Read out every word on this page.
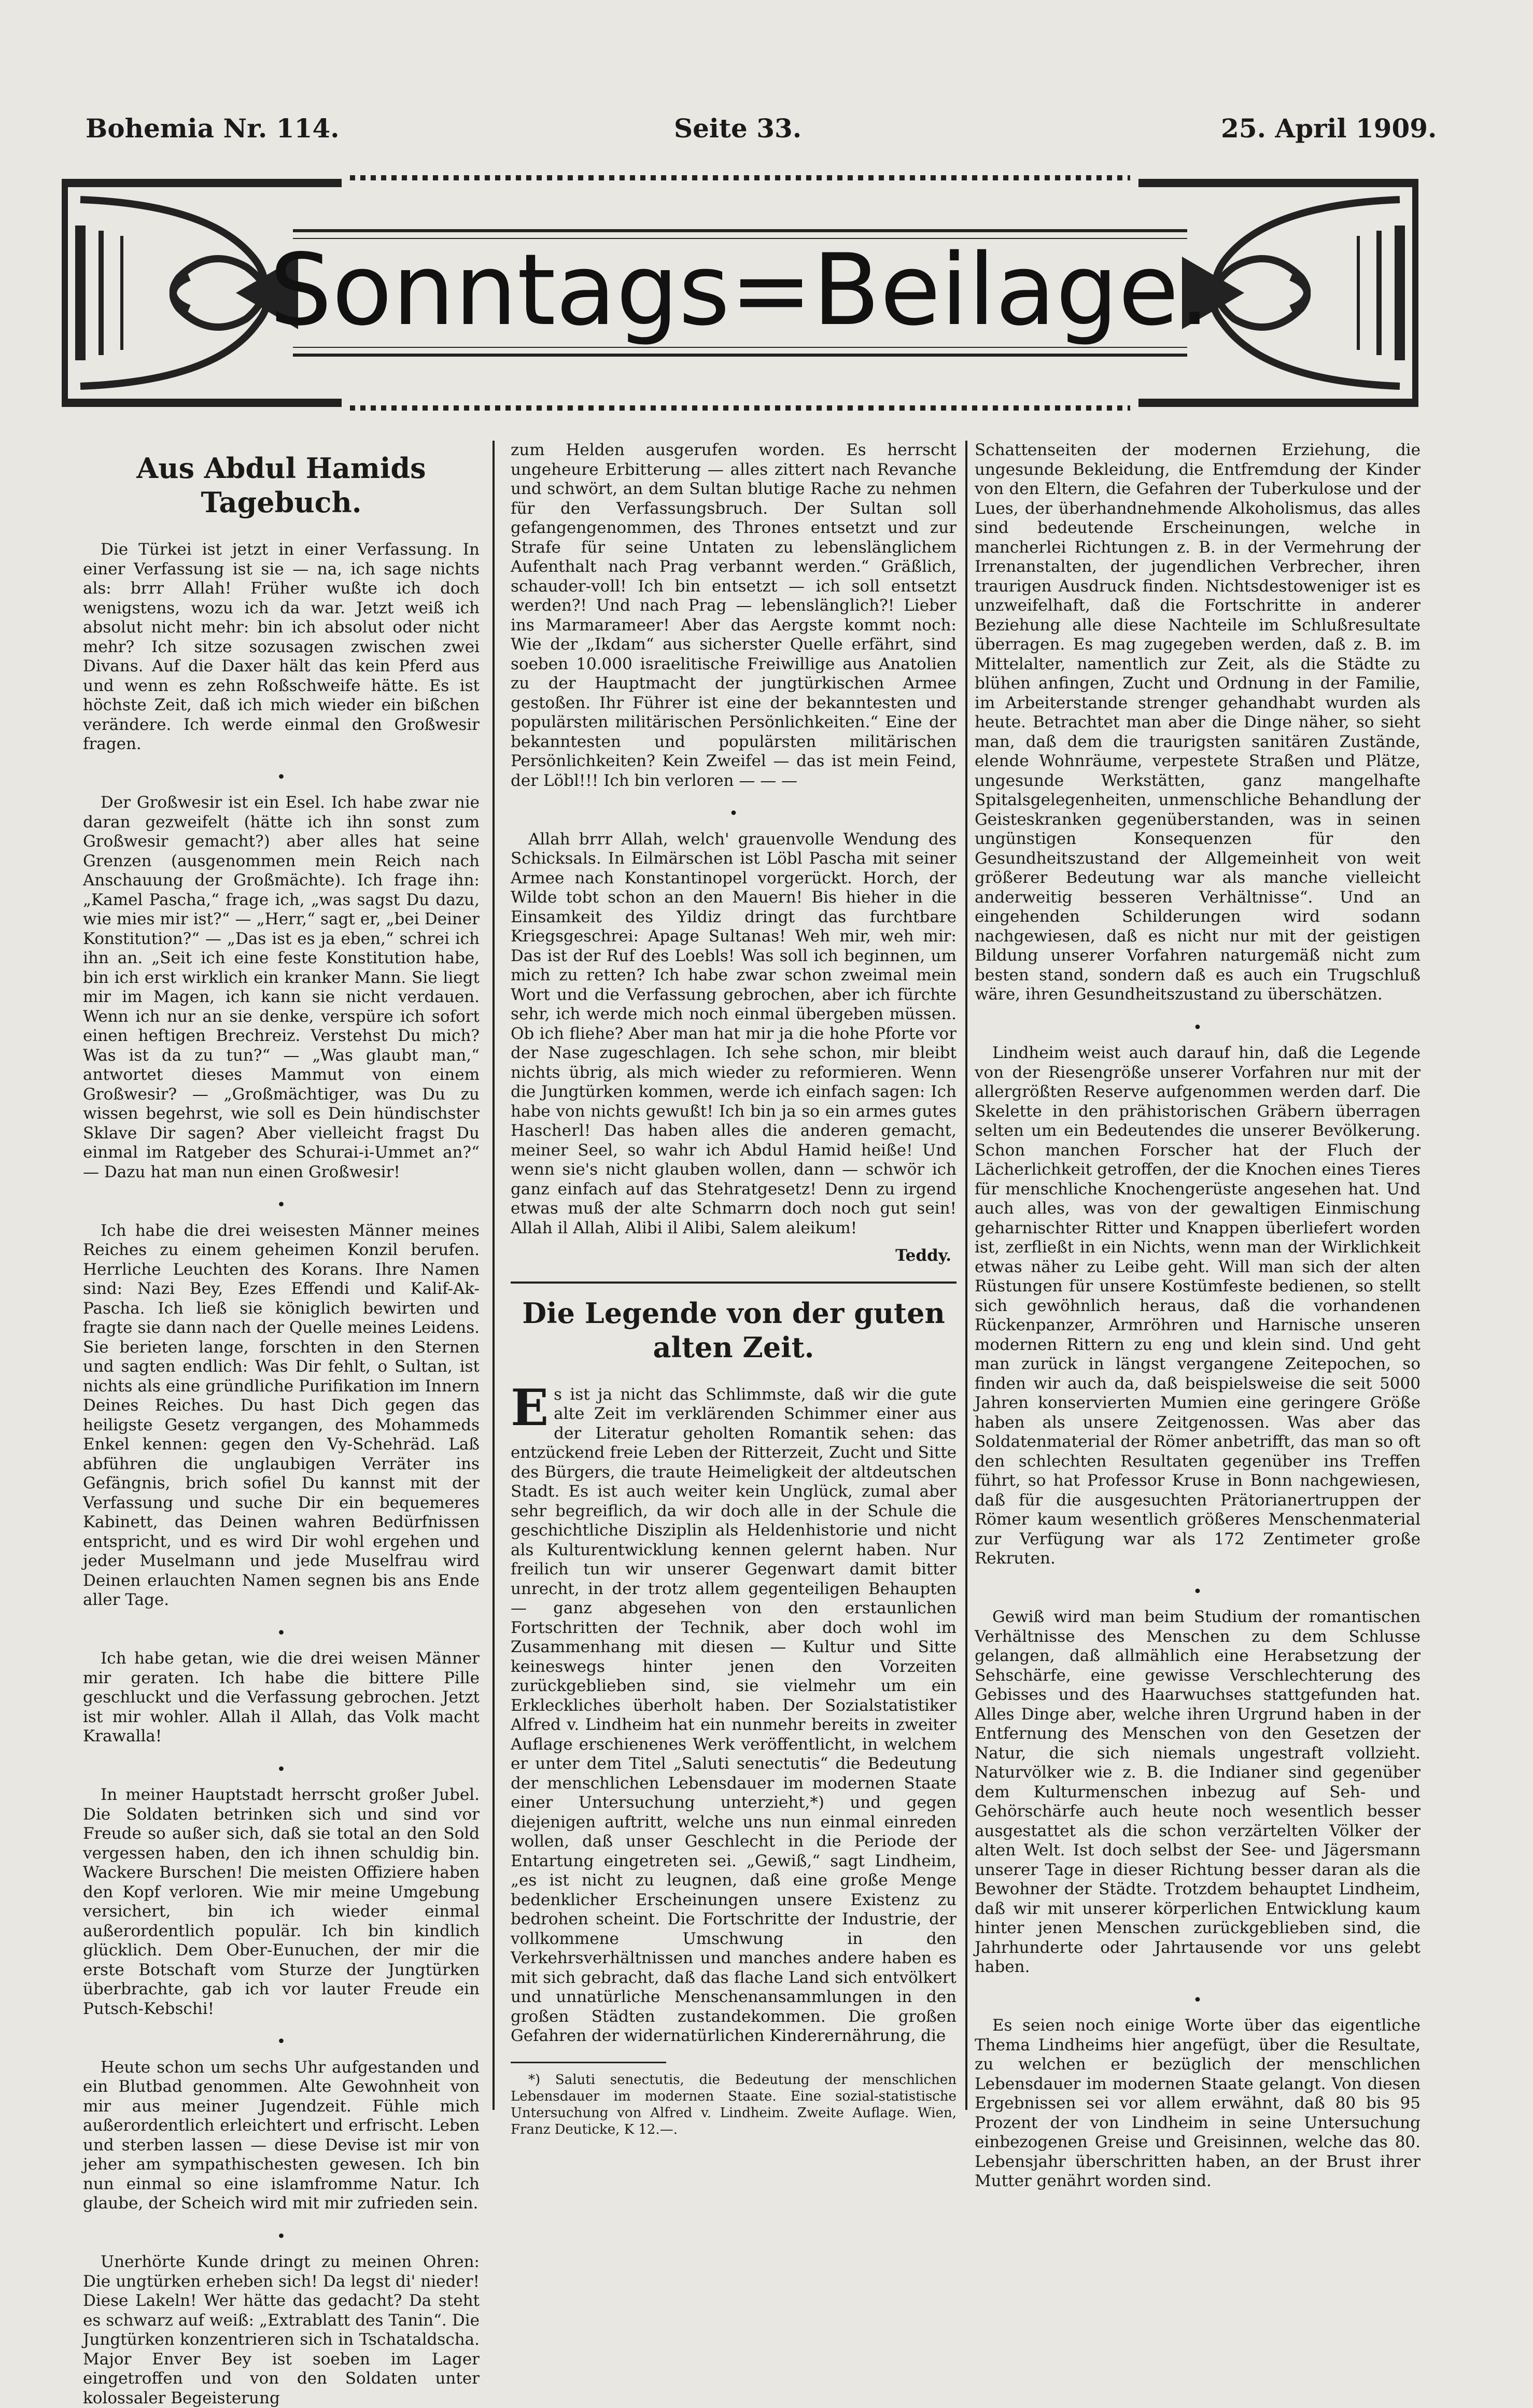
Bohemia Nr. 114.	Seite 33.	25. April 1909.
Sonntags=Beilage.
Aus Abdul Hamids Tagebuch.

Die Türkei ist jetzt in einer Verfassung. In einer Verfassung ist sie — na, ich sage nichts als: brrr Allah! Früher wußte ich doch wenigstens, wozu ich da war. Jetzt weiß ich absolut nicht mehr: bin ich absolut oder nicht mehr? Ich sitze sozusagen zwischen zwei Divans. Auf die Daxer hält das kein Pferd aus und wenn es zehn Roßschweife hätte. Es ist höchste Zeit, daß ich mich wieder ein bißchen verändere. Ich werde einmal den Großwesir fragen.

•

Der Großwesir ist ein Esel. Ich habe zwar nie daran gezweifelt (hätte ich ihn sonst zum Großwesir gemacht?) aber alles hat seine Grenzen (ausgenommen mein Reich nach Anschauung der Großmächte). Ich frage ihn: „Kamel Pascha,“ frage ich, „was sagst Du dazu, wie mies mir ist?“ — „Herr,“ sagt er, „bei Deiner Konstitution?“ — „Das ist es ja eben,“ schrei ich ihn an. „Seit ich eine feste Konstitution habe, bin ich erst wirklich ein kranker Mann. Sie liegt mir im Magen, ich kann sie nicht verdauen. Wenn ich nur an sie denke, verspüre ich sofort einen heftigen Brechreiz. Verstehst Du mich? Was ist da zu tun?“ — „Was glaubt man,“ antwortet dieses Mammut von einem Großwesir? — „Großmächtiger, was Du zu wissen begehrst, wie soll es Dein hündischster Sklave Dir sagen? Aber vielleicht fragst Du einmal im Ratgeber des Schurai-i-Ummet an?“ — Dazu hat man nun einen Großwesir!

•

Ich habe die drei weisesten Männer meines Reiches zu einem geheimen Konzil berufen. Herrliche Leuchten des Korans. Ihre Namen sind: Nazi Bey, Ezes Effendi und Kalif-Ak-Pascha. Ich ließ sie königlich bewirten und fragte sie dann nach der Quelle meines Leidens. Sie berieten lange, forschten in den Sternen und sagten endlich: Was Dir fehlt, o Sultan, ist nichts als eine gründliche Purifikation im Innern Deines Reiches. Du hast Dich gegen das heiligste Gesetz vergangen, des Mohammeds Enkel kennen: gegen den Vy-Schehräd. Laß abführen die unglaubigen Verräter ins Gefängnis, brich sofiel Du kannst mit der Verfassung und suche Dir ein bequemeres Kabinett, das Deinen wahren Bedürfnissen entspricht, und es wird Dir wohl ergehen und jeder Muselmann und jede Muselfrau wird Deinen erlauchten Namen segnen bis ans Ende aller Tage.

•

Ich habe getan, wie die drei weisen Männer mir geraten. Ich habe die bittere Pille geschluckt und die Verfassung gebrochen. Jetzt ist mir wohler. Allah il Allah, das Volk macht Krawalla!

•

In meiner Hauptstadt herrscht großer Jubel. Die Soldaten betrinken sich und sind vor Freude so außer sich, daß sie total an den Sold vergessen haben, den ich ihnen schuldig bin. Wackere Burschen! Die meisten Offiziere haben den Kopf verloren. Wie mir meine Umgebung versichert, bin ich wieder einmal außerordentlich populär. Ich bin kindlich glücklich. Dem Ober-Eunuchen, der mir die erste Botschaft vom Sturze der Jungtürken überbrachte, gab ich vor lauter Freude ein Putsch-Kebschi!

•

Heute schon um sechs Uhr aufgestanden und ein Blutbad genommen. Alte Gewohnheit von mir aus meiner Jugendzeit. Fühle mich außerordentlich erleichtert und erfrischt. Leben und sterben lassen — diese Devise ist mir von jeher am sympathischesten gewesen. Ich bin nun einmal so eine islamfromme Natur. Ich glaube, der Scheich wird mit mir zufrieden sein.

•

Unerhörte Kunde dringt zu meinen Ohren: Die ungtürken erheben sich! Da legst di' nieder! Diese Lakeln! Wer hätte das gedacht? Da steht es schwarz auf weiß: „Extrablatt des Tanin“. Die Jungtürken konzentrieren sich in Tschataldscha. Major Enver Bey ist soeben im Lager eingetroffen und von den Soldaten unter kolossaler Begeisterung

zum Helden ausgerufen worden. Es herrscht ungeheure Erbitterung — alles zittert nach Revanche und schwört, an dem Sultan blutige Rache zu nehmen für den Verfassungsbruch. Der Sultan soll gefangengenommen, des Thrones entsetzt und zur Strafe für seine Untaten zu lebenslänglichem Aufenthalt nach Prag verbannt werden.“ Gräßlich, schauder-voll! Ich bin entsetzt — ich soll entsetzt werden?! Und nach Prag — lebenslänglich?! Lieber ins Marmarameer! Aber das Aergste kommt noch: Wie der „Ikdam“ aus sicherster Quelle erfährt, sind soeben 10.000 israelitische Freiwillige aus Anatolien zu der Hauptmacht der jungtürkischen Armee gestoßen. Ihr Führer ist eine der bekanntesten und populärsten militärischen Persönlichkeiten.“ Eine der bekanntesten und populärsten militärischen Persönlichkeiten? Kein Zweifel — das ist mein Feind, der Löbl!!! Ich bin verloren — — —

•

Allah brrr Allah, welch' grauenvolle Wendung des Schicksals. In Eilmärschen ist Löbl Pascha mit seiner Armee nach Konstantinopel vorgerückt. Horch, der Wilde tobt schon an den Mauern! Bis hieher in die Einsamkeit des Yildiz dringt das furchtbare Kriegsgeschrei: Apage Sultanas! Weh mir, weh mir: Das ist der Ruf des Loebls! Was soll ich beginnen, um mich zu retten? Ich habe zwar schon zweimal mein Wort und die Verfassung gebrochen, aber ich fürchte sehr, ich werde mich noch einmal übergeben müssen. Ob ich fliehe? Aber man hat mir ja die hohe Pforte vor der Nase zugeschlagen. Ich sehe schon, mir bleibt nichts übrig, als mich wieder zu reformieren. Wenn die Jungtürken kommen, werde ich einfach sagen: Ich habe von nichts gewußt! Ich bin ja so ein armes gutes Hascherl! Das haben alles die anderen gemacht, meiner Seel, so wahr ich Abdul Hamid heiße! Und wenn sie's nicht glauben wollen, dann — schwör ich ganz einfach auf das Stehratgesetz! Denn zu irgend etwas muß der alte Schmarrn doch noch gut sein! Allah il Allah, Alibi il Alibi, Salem aleikum!

Teddy.
Die Legende von der guten alten Zeit.

Es ist ja nicht das Schlimmste, daß wir die gute alte Zeit im verklärenden Schimmer einer aus der Literatur geholten Romantik sehen: das entzückend freie Leben der Ritterzeit, Zucht und Sitte des Bürgers, die traute Heimeligkeit der altdeutschen Stadt. Es ist auch weiter kein Unglück, zumal aber sehr begreiflich, da wir doch alle in der Schule die geschichtliche Disziplin als Heldenhistorie und nicht als Kulturentwicklung kennen gelernt haben. Nur freilich tun wir unserer Gegenwart damit bitter unrecht, in der trotz allem gegenteiligen Behaupten — ganz abgesehen von den erstaunlichen Fortschritten der Technik, aber doch wohl im Zusammenhang mit diesen — Kultur und Sitte keineswegs hinter jenen den Vorzeiten zurückgeblieben sind, sie vielmehr um ein Erkleckliches überholt haben. Der Sozialstatistiker Alfred v. Lindheim hat ein nunmehr bereits in zweiter Auflage erschienenes Werk veröffentlicht, in welchem er unter dem Titel „Saluti senectutis“ die Bedeutung der menschlichen Lebensdauer im modernen Staate einer Untersuchung unterzieht,*) und gegen diejenigen auftritt, welche uns nun einmal einreden wollen, daß unser Geschlecht in die Periode der Entartung eingetreten sei. „Gewiß,“ sagt Lindheim, „es ist nicht zu leugnen, daß eine große Menge bedenklicher Erscheinungen unsere Existenz zu bedrohen scheint. Die Fortschritte der Industrie, der vollkommene Umschwung in den Verkehrsverhältnissen und manches andere haben es mit sich gebracht, daß das flache Land sich entvölkert und unnatürliche Menschenansammlungen in den großen Städten zustandekommen. Die großen Gefahren der widernatürlichen Kinderernährung, die

*) Saluti senectutis, die Bedeutung der menschlichen Lebensdauer im modernen Staate. Eine sozial-statistische Untersuchung von Alfred v. Lindheim. Zweite Auflage. Wien, Franz Deuticke, K 12.—.

Schattenseiten der modernen Erziehung, die ungesunde Bekleidung, die Entfremdung der Kinder von den Eltern, die Gefahren der Tuberkulose und der Lues, der überhandnehmende Alkoholismus, das alles sind bedeutende Erscheinungen, welche in mancherlei Richtungen z. B. in der Vermehrung der Irrenanstalten, der jugendlichen Verbrecher, ihren traurigen Ausdruck finden. Nichtsdestoweniger ist es unzweifelhaft, daß die Fortschritte in anderer Beziehung alle diese Nachteile im Schlußresultate überragen. Es mag zugegeben werden, daß z. B. im Mittelalter, namentlich zur Zeit, als die Städte zu blühen anfingen, Zucht und Ordnung in der Familie, im Arbeiterstande strenger gehandhabt wurden als heute. Betrachtet man aber die Dinge näher, so sieht man, daß dem die traurigsten sanitären Zustände, elende Wohnräume, verpestete Straßen und Plätze, ungesunde Werkstätten, ganz mangelhafte Spitalsgelegenheiten, unmenschliche Behandlung der Geisteskranken gegenüberstanden, was in seinen ungünstigen Konsequenzen für den Gesundheitszustand der Allgemeinheit von weit größerer Bedeutung war als manche vielleicht anderweitig besseren Verhältnisse“. Und an eingehenden Schilderungen wird sodann nachgewiesen, daß es nicht nur mit der geistigen Bildung unserer Vorfahren naturgemäß nicht zum besten stand, sondern daß es auch ein Trugschluß wäre, ihren Gesundheitszustand zu überschätzen.

•

Lindheim weist auch darauf hin, daß die Legende von der Riesengröße unserer Vorfahren nur mit der allergrößten Reserve aufgenommen werden darf. Die Skelette in den prähistorischen Gräbern überragen selten um ein Bedeutendes die unserer Bevölkerung. Schon manchen Forscher hat der Fluch der Lächerlichkeit getroffen, der die Knochen eines Tieres für menschliche Knochengerüste angesehen hat. Und auch alles, was von der gewaltigen Einmischung geharnischter Ritter und Knappen überliefert worden ist, zerfließt in ein Nichts, wenn man der Wirklichkeit etwas näher zu Leibe geht. Will man sich der alten Rüstungen für unsere Kostümfeste bedienen, so stellt sich gewöhnlich heraus, daß die vorhandenen Rückenpanzer, Armröhren und Harnische unseren modernen Rittern zu eng und klein sind. Und geht man zurück in längst vergangene Zeitepochen, so finden wir auch da, daß beispielsweise die seit 5000 Jahren konservierten Mumien eine geringere Größe haben als unsere Zeitgenossen. Was aber das Soldatenmaterial der Römer anbetrifft, das man so oft den schlechten Resultaten gegenüber ins Treffen führt, so hat Professor Kruse in Bonn nachgewiesen, daß für die ausgesuchten Prätorianertruppen der Römer kaum wesentlich größeres Menschenmaterial zur Verfügung war als 172 Zentimeter große Rekruten.

•

Gewiß wird man beim Studium der romantischen Verhältnisse des Menschen zu dem Schlusse gelangen, daß allmählich eine Herabsetzung der Sehschärfe, eine gewisse Verschlechterung des Gebisses und des Haarwuchses stattgefunden hat. Alles Dinge aber, welche ihren Urgrund haben in der Entfernung des Menschen von den Gesetzen der Natur, die sich niemals ungestraft vollzieht. Naturvölker wie z. B. die Indianer sind gegenüber dem Kulturmenschen inbezug auf Seh- und Gehörschärfe auch heute noch wesentlich besser ausgestattet als die schon verzärtelten Völker der alten Welt. Ist doch selbst der See- und Jägersmann unserer Tage in dieser Richtung besser daran als die Bewohner der Städte. Trotzdem behauptet Lindheim, daß wir mit unserer körperlichen Entwicklung kaum hinter jenen Menschen zurückgeblieben sind, die Jahrhunderte oder Jahrtausende vor uns gelebt haben.

•

Es seien noch einige Worte über das eigentliche Thema Lindheims hier angefügt, über die Resultate, zu welchen er bezüglich der menschlichen Lebensdauer im modernen Staate gelangt. Von diesen Ergebnissen sei vor allem erwähnt, daß 80 bis 95 Prozent der von Lindheim in seine Untersuchung einbezogenen Greise und Greisinnen, welche das 80. Lebensjahr überschritten haben, an der Brust ihrer Mutter genährt worden sind.
